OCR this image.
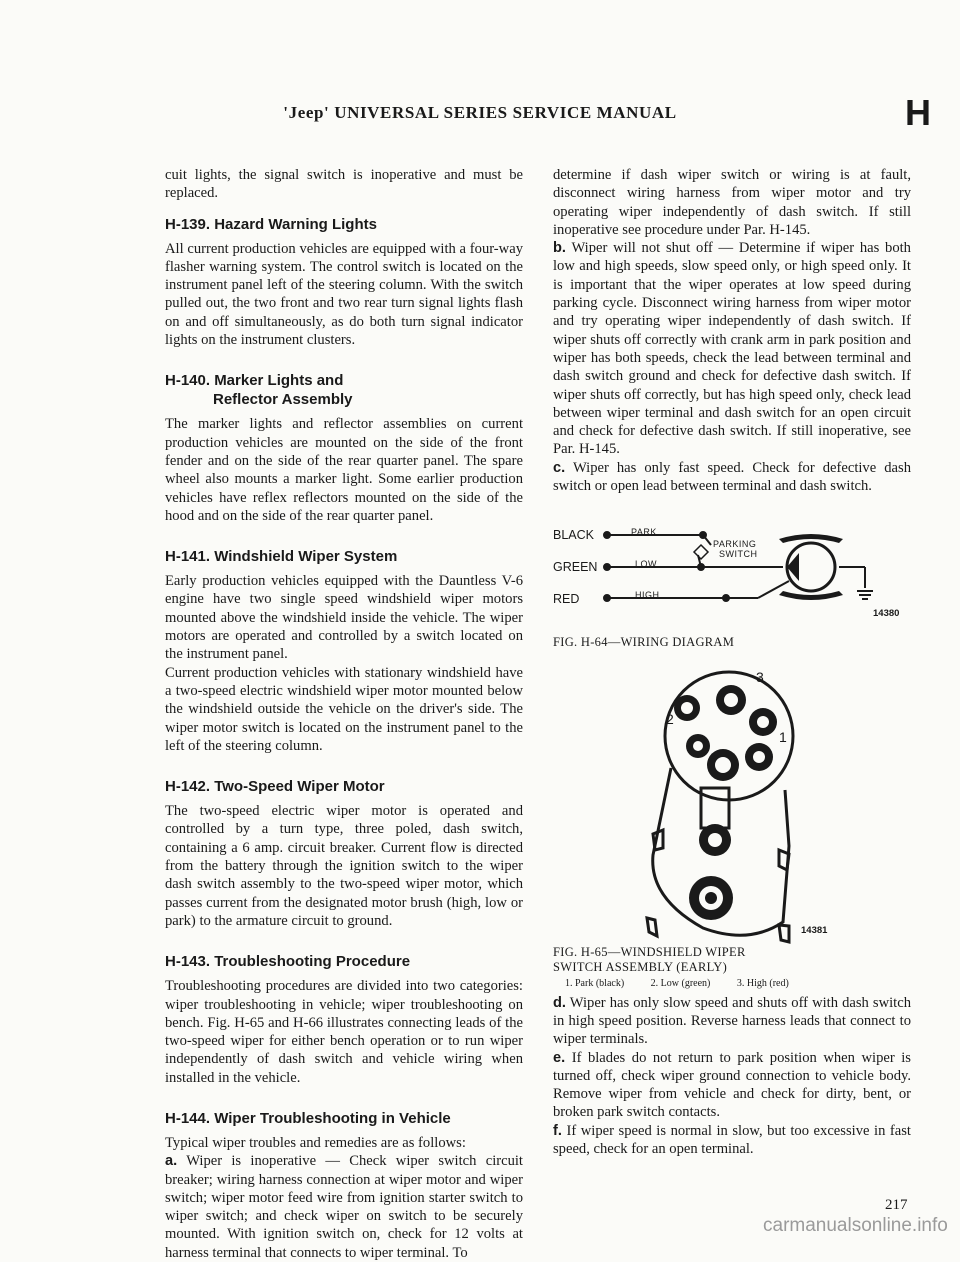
'Jeep' UNIVERSAL SERIES SERVICE MANUAL	H

cuit lights, the signal switch is inoperative and must be replaced.

H-139. Hazard Warning Lights

All current production vehicles are equipped with a four-way flasher warning system. The control switch is located on the instrument panel left of the steering column. With the switch pulled out, the two front and two rear turn signal lights flash on and off simultaneously, as do both turn signal indicator lights on the instrument clusters.

H-140. Marker Lights and
Reflector Assembly

The marker lights and reflector assemblies on current production vehicles are mounted on the side of the front fender and on the side of the rear quarter panel. The spare wheel also mounts a marker light. Some earlier production vehicles have reflex reflectors mounted on the side of the hood and on the side of the rear quarter panel.

H-141. Windshield Wiper System

Early production vehicles equipped with the Dauntless V-6 engine have two single speed windshield wiper motors mounted above the windshield inside the vehicle. The wiper motors are operated and controlled by a switch located on the instrument panel.

Current production vehicles with stationary windshield have a two-speed electric windshield wiper motor mounted below the windshield outside the vehicle on the driver's side. The wiper motor switch is located on the instrument panel to the left of the steering column.

H-142. Two-Speed Wiper Motor

The two-speed electric wiper motor is operated and controlled by a turn type, three poled, dash switch, containing a 6 amp. circuit breaker. Current flow is directed from the battery through the ignition switch to the wiper dash switch assembly to the two-speed wiper motor, which passes current from the designated motor brush (high, low or park) to the armature circuit to ground.

H-143. Troubleshooting Procedure

Troubleshooting procedures are divided into two categories: wiper troubleshooting in vehicle; wiper troubleshooting on bench. Fig. H-65 and H-66 illustrates connecting leads of the two-speed wiper for either bench operation or to run wiper independently of dash switch and vehicle wiring when installed in the vehicle.

H-144. Wiper Troubleshooting in Vehicle

Typical wiper troubles and remedies are as follows:

a. Wiper is inoperative — Check wiper switch circuit breaker; wiring harness connection at wiper motor and wiper switch; wiper motor feed wire from ignition starter switch to wiper switch; and check wiper on switch to be securely mounted. With ignition switch on, check for 12 volts at harness terminal that connects to wiper terminal. To

determine if dash wiper switch or wiring is at fault, disconnect wiring harness from wiper motor and try operating wiper independently of dash switch. If still inoperative see procedure under Par. H-145.

b. Wiper will not shut off — Determine if wiper has both low and high speeds, slow speed only, or high speed only. It is important that the wiper operates at low speed during parking cycle. Disconnect wiring harness from wiper motor and try operating wiper independently of dash switch. If wiper shuts off correctly with crank arm in park position and wiper has both speeds, check the lead between terminal and dash switch ground and check for defective dash switch. If wiper shuts off correctly, but has high speed only, check lead between wiper terminal and dash switch for an open circuit and check for defective dash switch. If still inoperative, see Par. H-145.

c. Wiper has only fast speed. Check for defective dash switch or open lead between terminal and dash switch.

BLACK
GREEN
RED
PARK
LOW
HIGH
PARKING
SWITCH
14380

FIG. H-64—WIRING DIAGRAM

3
2
1
14381

FIG. H-65—WINDSHIELD WIPER

SWITCH ASSEMBLY (EARLY)

1. Park (black)	2. Low (green)	3. High (red)

d. Wiper has only slow speed and shuts off with dash switch in high speed position. Reverse harness leads that connect to wiper terminals.

e. If blades do not return to park position when wiper is turned off, check wiper ground connection to vehicle body. Remove wiper from vehicle and check for dirty, bent, or broken park switch contacts.

f. If wiper speed is normal in slow, but too excessive in fast speed, check for an open terminal.

217
carmanualsonline.info
